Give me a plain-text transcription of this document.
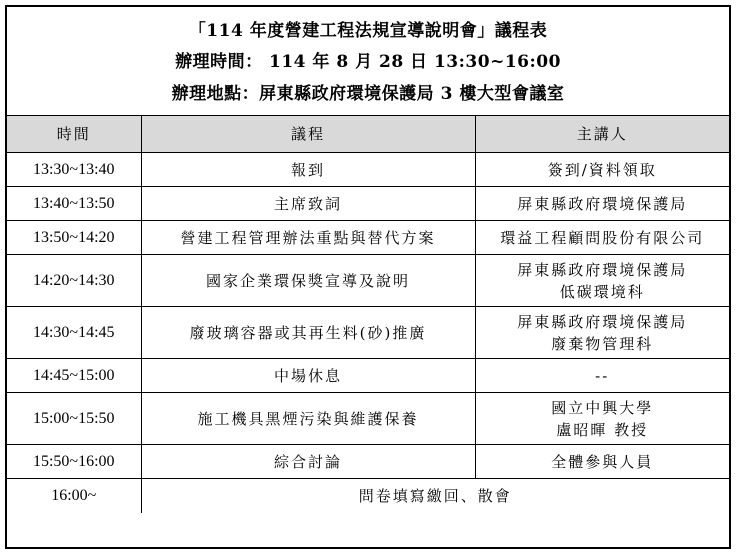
「114 年度營建工程法規宣導說明會」議程表
辦理時間： 114 年 8 月 28 日 13:30~16:00
辦理地點：屏東縣政府環境保護局 3 樓大型會議室
時間	議程	主講人
13:30~13:40	報到	簽到/資料領取

13:40~13:50	主席致詞	屏東縣政府環境保護局

13:50~14:20	營建工程管理辦法重點與替代方案	環益工程顧問股份有限公司

14:20~14:30	國家企業環保獎宣導及說明	屏東縣政府環境保護局
低碳環境科

14:30~14:45	廢玻璃容器或其再生料(砂)推廣	屏東縣政府環境保護局
廢棄物管理科

14:45~15:00	中場休息	--

15:00~15:50	施工機具黑煙污染與維護保養	國立中興大學
盧昭暉 教授

15:50~16:00	綜合討論	全體參與人員

16:00~	問卷填寫繳回、散會	
